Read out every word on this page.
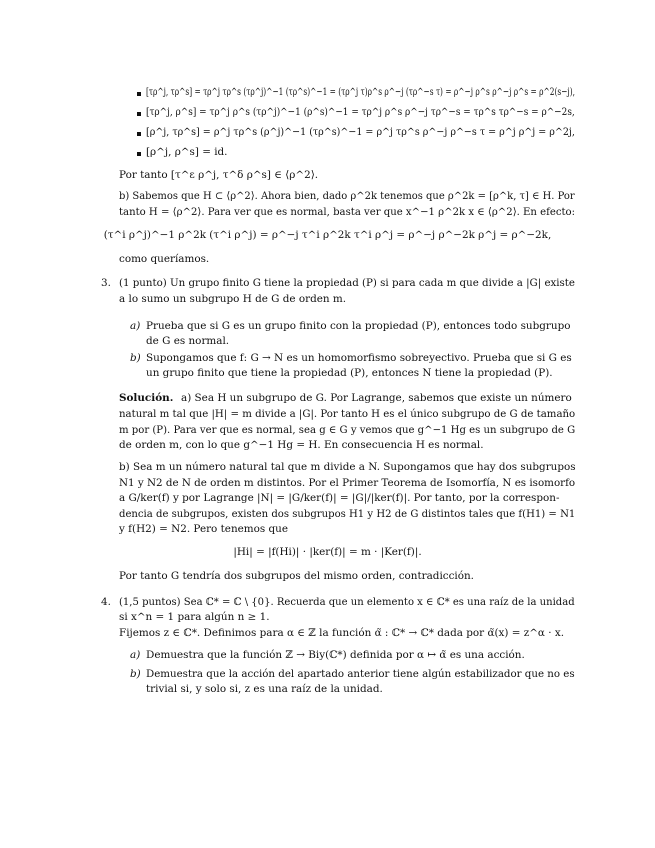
[τρ^j, τρ^s] = τρ^j τρ^s (τρ^j)^−1 (τρ^s)^−1 = (τρ^j τ)ρ^s ρ^−j (τρ^−s τ) = ρ^−j ρ^s ρ^−j ρ^s = ρ^2(s−j),
[τρ^j, ρ^s] = τρ^j ρ^s (τρ^j)^−1 (ρ^s)^−1 = τρ^j ρ^s ρ^−j τρ^−s = τρ^s τρ^−s = ρ^−2s,
[ρ^j, τρ^s] = ρ^j τρ^s (ρ^j)^−1 (τρ^s)^−1 = ρ^j τρ^s ρ^−j ρ^−s τ = ρ^j ρ^j = ρ^2j,
[ρ^j, ρ^s] = id.
Por tanto [τ^ε ρ^j, τ^δ ρ^s] ∈ ⟨ρ^2⟩.
b) Sabemos que H ⊂ ⟨ρ^2⟩. Ahora bien, dado ρ^2k tenemos que ρ^2k = [ρ^k, τ] ∈ H. Por
tanto H = ⟨ρ^2⟩. Para ver que es normal, basta ver que x^−1 ρ^2k x ∈ ⟨ρ^2⟩. En efecto:
(τ^i ρ^j)^−1 ρ^2k (τ^i ρ^j) = ρ^−j τ^i ρ^2k τ^i ρ^j = ρ^−j ρ^−2k ρ^j = ρ^−2k,
como queríamos.
3. (1 punto) Un grupo finito G tiene la propiedad (P) si para cada m que divide a |G| existe
a lo sumo un subgrupo H de G de orden m.
a) Prueba que si G es un grupo finito con la propiedad (P), entonces todo subgrupo
de G es normal.
b) Supongamos que f: G → N es un homomorfismo sobreyectivo. Prueba que si G es
un grupo finito que tiene la propiedad (P), entonces N tiene la propiedad (P).
Solución. a) Sea H un subgrupo de G. Por Lagrange, sabemos que existe un número
natural m tal que |H| = m divide a |G|. Por tanto H es el único subgrupo de G de tamaño
m por (P). Para ver que es normal, sea g ∈ G y vemos que g^−1 Hg es un subgrupo de G
de orden m, con lo que g^−1 Hg = H. En consecuencia H es normal.
b) Sea m un número natural tal que m divide a N. Supongamos que hay dos subgrupos
N1 y N2 de N de orden m distintos. Por el Primer Teorema de Isomorfía, N es isomorfo
a G/ker(f) y por Lagrange |N| = |G/ker(f)| = |G|/|ker(f)|. Por tanto, por la correspon-
dencia de subgrupos, existen dos subgrupos H1 y H2 de G distintos tales que f(H1) = N1
y f(H2) = N2. Pero tenemos que
|Hi| = |f(Hi)| · |ker(f)| = m · |Ker(f)|.
Por tanto G tendría dos subgrupos del mismo orden, contradicción.
4. (1,5 puntos) Sea ℂ* = ℂ \ {0}. Recuerda que un elemento x ∈ ℂ* es una raíz de la unidad
si x^n = 1 para algún n ≥ 1.
Fijemos z ∈ ℂ*. Definimos para α ∈ ℤ la función α̃ : ℂ* → ℂ* dada por α̃(x) = z^α · x.
a) Demuestra que la función ℤ → Biy(ℂ*) definida por α ↦ α̃ es una acción.
b) Demuestra que la acción del apartado anterior tiene algún estabilizador que no es
trivial si, y solo si, z es una raíz de la unidad.
